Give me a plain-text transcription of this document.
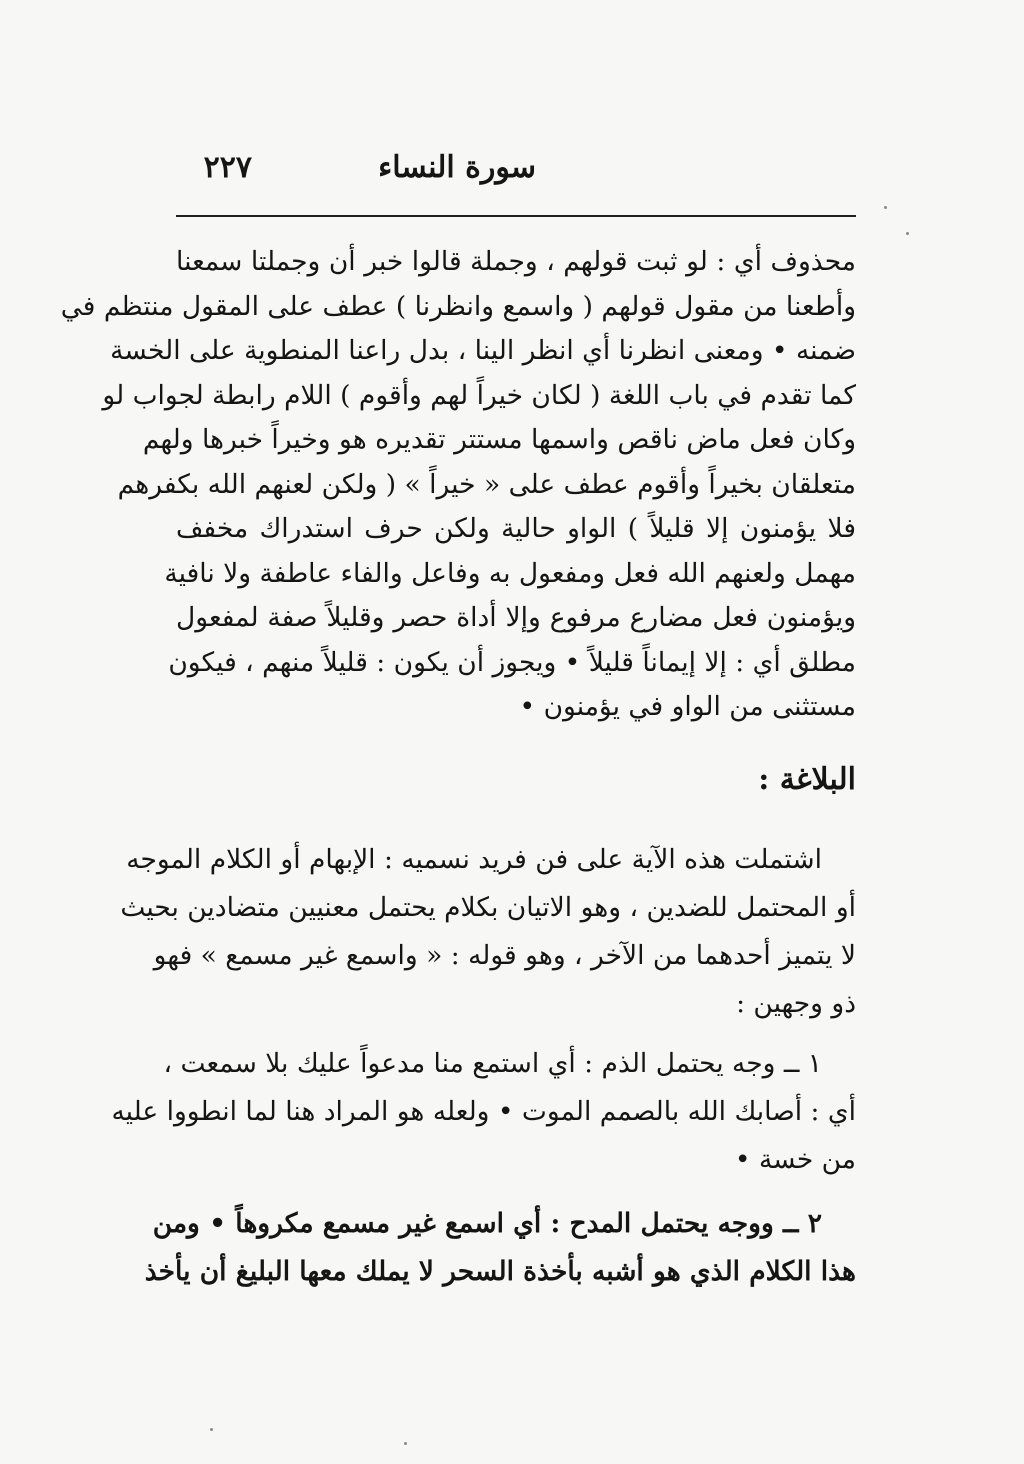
سورة النساء
٢٢٧
محذوف أي : لو ثبت قولهم ، وجملة قالوا خبر أن وجملتا سمعنا
وأطعنا من مقول قولهم ( واسمع وانظرنا ) عطف على المقول منتظم في
ضمنه • ومعنى انظرنا أي انظر الينا ، بدل راعنا المنطوية على الخسة
كما تقدم في باب اللغة ( لكان خيراً لهم وأقوم ) اللام رابطة لجواب لو
وكان فعل ماض ناقص واسمها مستتر تقديره هو وخيراً خبرها ولهم
متعلقان بخيراً وأقوم عطف على « خيراً » ( ولكن لعنهم الله بكفرهم
فلا يؤمنون إلا قليلاً ) الواو حالية ولكن حرف استدراك مخفف
مهمل ولعنهم الله فعل ومفعول به وفاعل والفاء عاطفة ولا نافية
ويؤمنون فعل مضارع مرفوع وإلا أداة حصر وقليلاً صفة لمفعول
مطلق أي : إلا إيماناً قليلاً • ويجوز أن يكون : قليلاً منهم ، فيكون
مستثنى من الواو في يؤمنون •
البلاغة :
اشتملت هذه الآية على فن فريد نسميه : الإبهام أو الكلام الموجه
أو المحتمل للضدين ، وهو الاتيان بكلام يحتمل معنيين متضادين بحيث
لا يتميز أحدهما من الآخر ، وهو قوله : « واسمع غير مسمع » فهو
ذو وجهين :
١ ــ وجه يحتمل الذم : أي استمع منا مدعواً عليك بلا سمعت ،
أي : أصابك الله بالصمم الموت • ولعله هو المراد هنا لما انطووا عليه
من خسة •
٢ ــ ووجه يحتمل المدح : أي اسمع غير مسمع مكروهاً • ومن
هذا الكلام الذي هو أشبه بأخذة السحر لا يملك معها البليغ أن يأخذ
